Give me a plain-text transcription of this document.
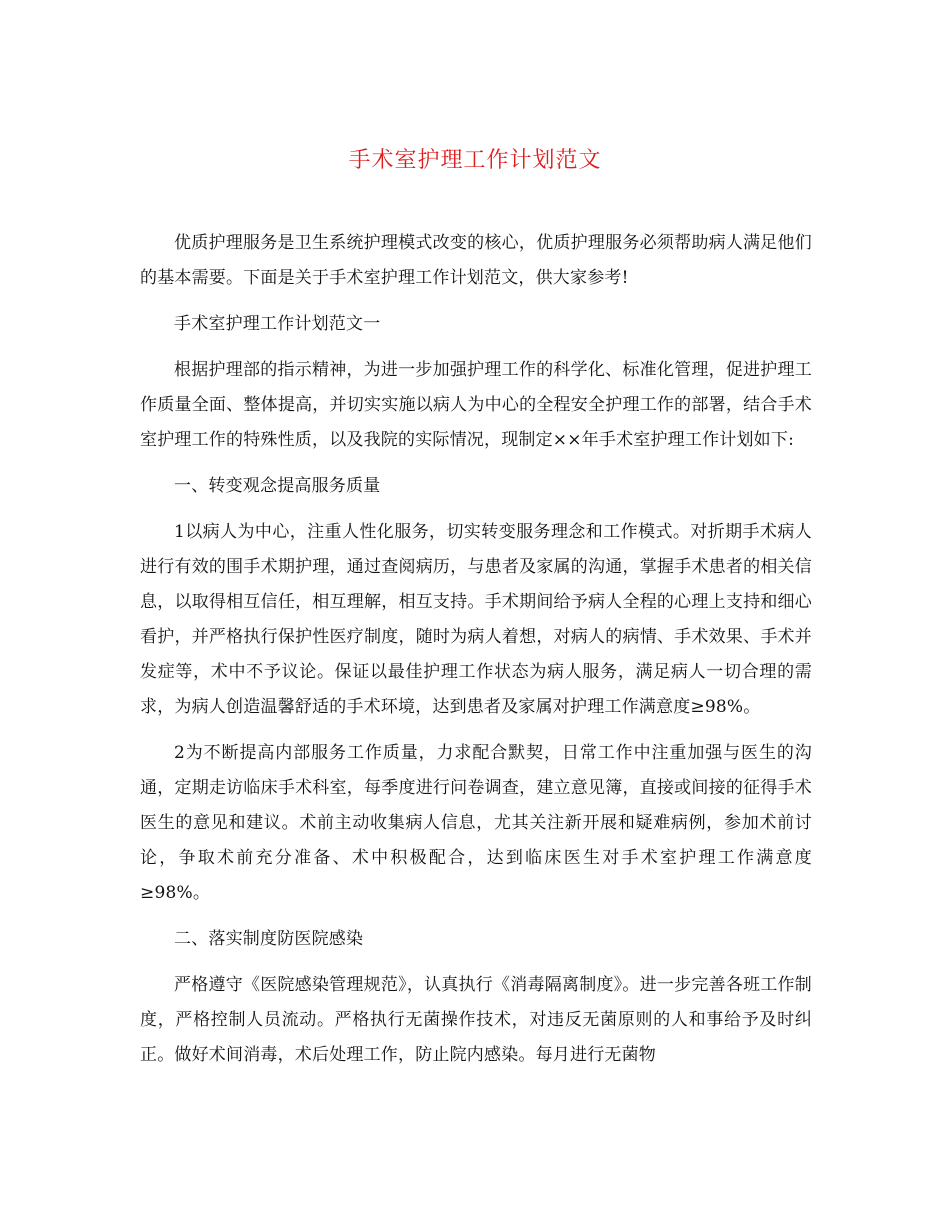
手术室护理工作计划范文

优质护理服务是卫生系统护理模式改变的核心，优质护理服务必须帮助病人满足他们的基本需要。下面是关于手术室护理工作计划范文，供大家参考!

手术室护理工作计划范文一

根据护理部的指示精神，为进一步加强护理工作的科学化、标准化管理，促进护理工作质量全面、整体提高，并切实实施以病人为中心的全程安全护理工作的部署，结合手术室护理工作的特殊性质，以及我院的实际情况，现制定××年手术室护理工作计划如下:

一、转变观念提高服务质量

1以病人为中心，注重人性化服务，切实转变服务理念和工作模式。对折期手术病人进行有效的围手术期护理，通过查阅病历，与患者及家属的沟通，掌握手术患者的相关信息，以取得相互信任，相互理解，相互支持。手术期间给予病人全程的心理上支持和细心看护，并严格执行保护性医疗制度，随时为病人着想，对病人的病情、手术效果、手术并发症等，术中不予议论。保证以最佳护理工作状态为病人服务，满足病人一切合理的需求，为病人创造温馨舒适的手术环境，达到患者及家属对护理工作满意度≥98%。

2为不断提高内部服务工作质量，力求配合默契，日常工作中注重加强与医生的沟通，定期走访临床手术科室，每季度进行问卷调查，建立意见簿，直接或间接的征得手术医生的意见和建议。术前主动收集病人信息，尤其关注新开展和疑难病例，参加术前讨论，争取术前充分准备、术中积极配合，达到临床医生对手术室护理工作满意度≥98%。

二、落实制度防医院感染

严格遵守《医院感染管理规范》，认真执行《消毒隔离制度》。进一步完善各班工作制度，严格控制人员流动。严格执行无菌操作技术，对违反无菌原则的人和事给予及时纠正。做好术间消毒，术后处理工作，防止院内感染。每月进行无菌物
